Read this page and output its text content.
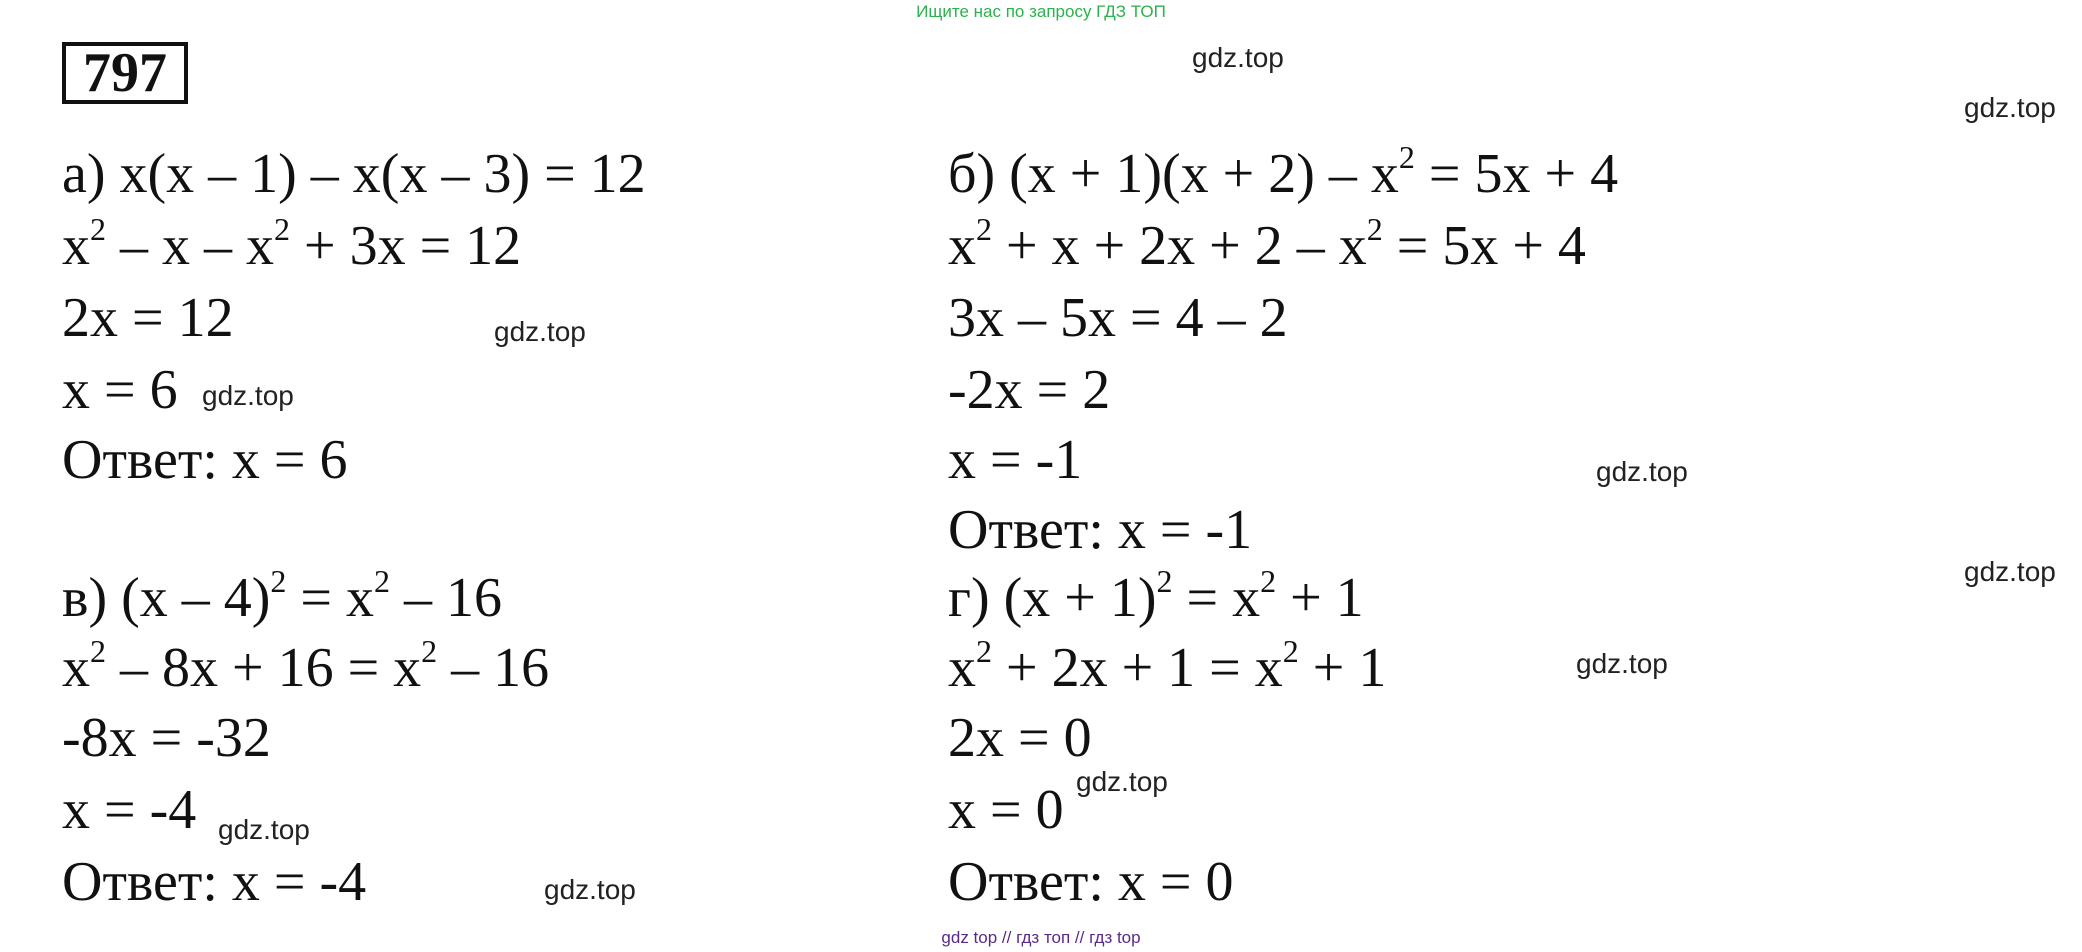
Ищите нас по запросу ГДЗ ТОП
797
а) x(x – 1) – x(x – 3) = 12
$x^2 - x - x^2 + 3x = 12$
2x = 12
x = 6
Ответ: x = 6
б) $(x + 1)(x + 2) - x^2 = 5x + 4$
$x^2 + x + 2x + 2 - x^2 = 5x + 4$
3x – 5x = 4 – 2
-2x = 2
x = -1
Ответ: x = -1
в) $(x - 4)^2 = x^2 - 16$
$x^2 - 8x + 16 = x^2 - 16$
-8x = -32
x = -4
Ответ: x = -4
г) $(x + 1)^2 = x^2 + 1$
$x^2 + 2x + 1 = x^2 + 1$
2x = 0
x = 0
Ответ: x = 0
gdz.top
gdz.top
gdz.top
gdz.top
gdz.top
gdz.top
gdz.top
gdz.top
gdz.top
gdz.top
gdz top // гдз топ // гдз top
